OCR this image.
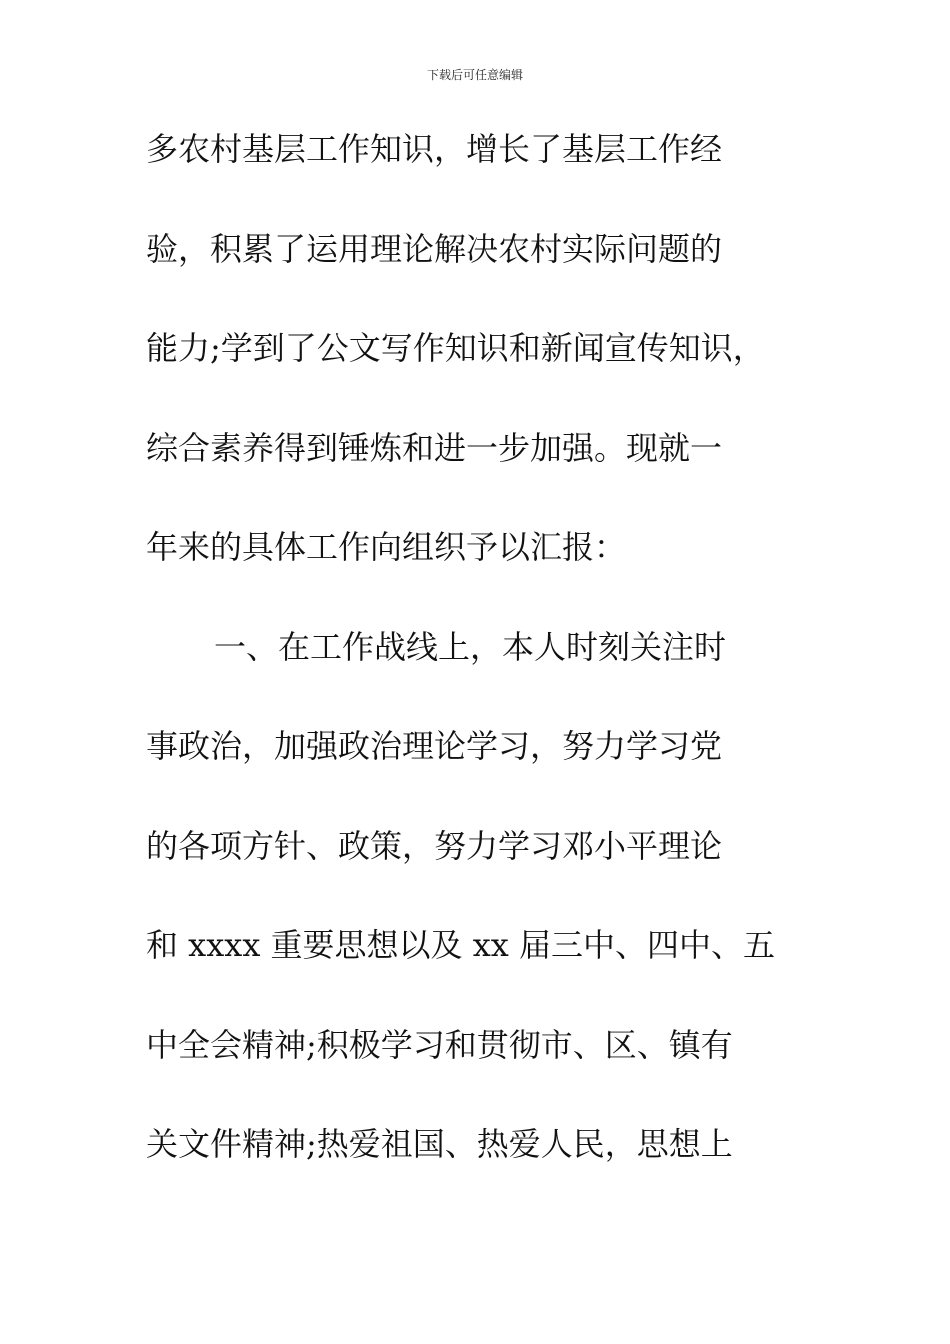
下载后可任意编辑
多农村基层工作知识，增长了基层工作经
验，积累了运用理论解决农村实际问题的
能力;学到了公文写作知识和新闻宣传知识，
综合素养得到锤炼和进一步加强。现就一
年来的具体工作向组织予以汇报：
一、在工作战线上，本人时刻关注时
事政治，加强政治理论学习，努力学习党
的各项方针、政策，努力学习邓小平理论
和 xxxx 重要思想以及 xx 届三中、四中、五
中全会精神;积极学习和贯彻市、区、镇有
关文件精神;热爱祖国、热爱人民，思想上
